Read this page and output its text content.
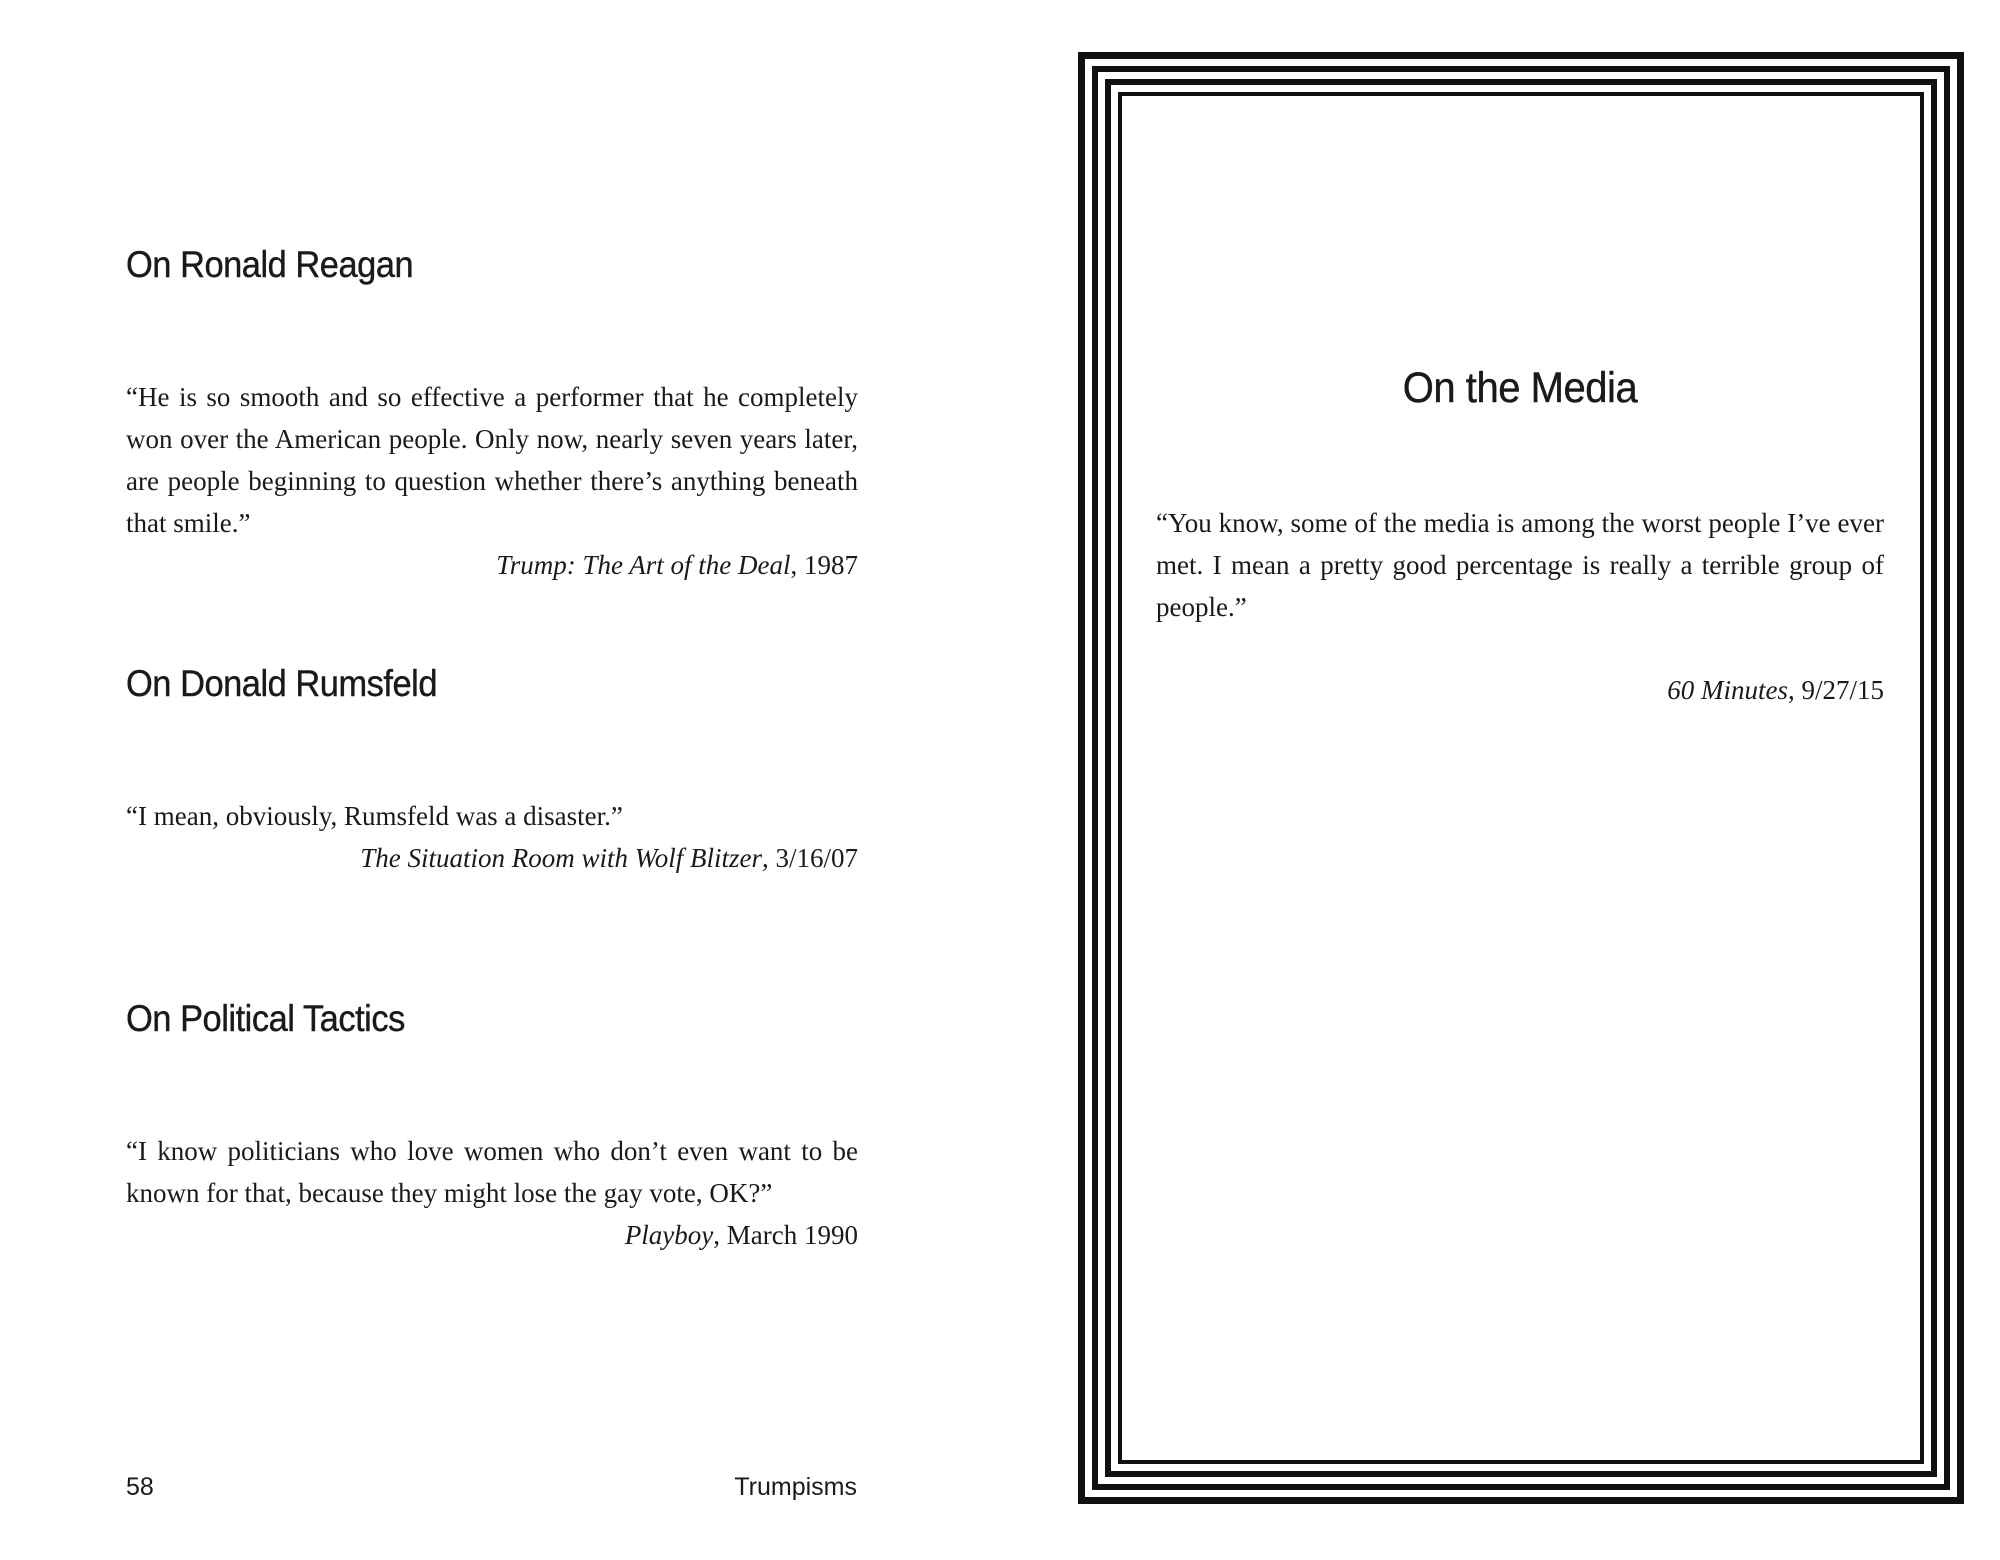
On Ronald Reagan

“He is so smooth and so effective a performer that he completely won over the American people. Only now, nearly seven years later, are people beginning to question whether there’s anything beneath that smile.”

Trump: The Art of the Deal, 1987

On Donald Rumsfeld

“I mean, obviously, Rumsfeld was a disaster.”

The Situation Room with Wolf Blitzer, 3/16/07

On Political Tactics

“I know politicians who love women who don’t even want to be known for that, because they might lose the gay vote, OK?”

Playboy, March 1990

58	Trumpisms
On the Media

“You know, some of the media is among the worst people I’ve ever met. I mean a pretty good percentage is really a terrible group of people.”

60 Minutes, 9/27/15
